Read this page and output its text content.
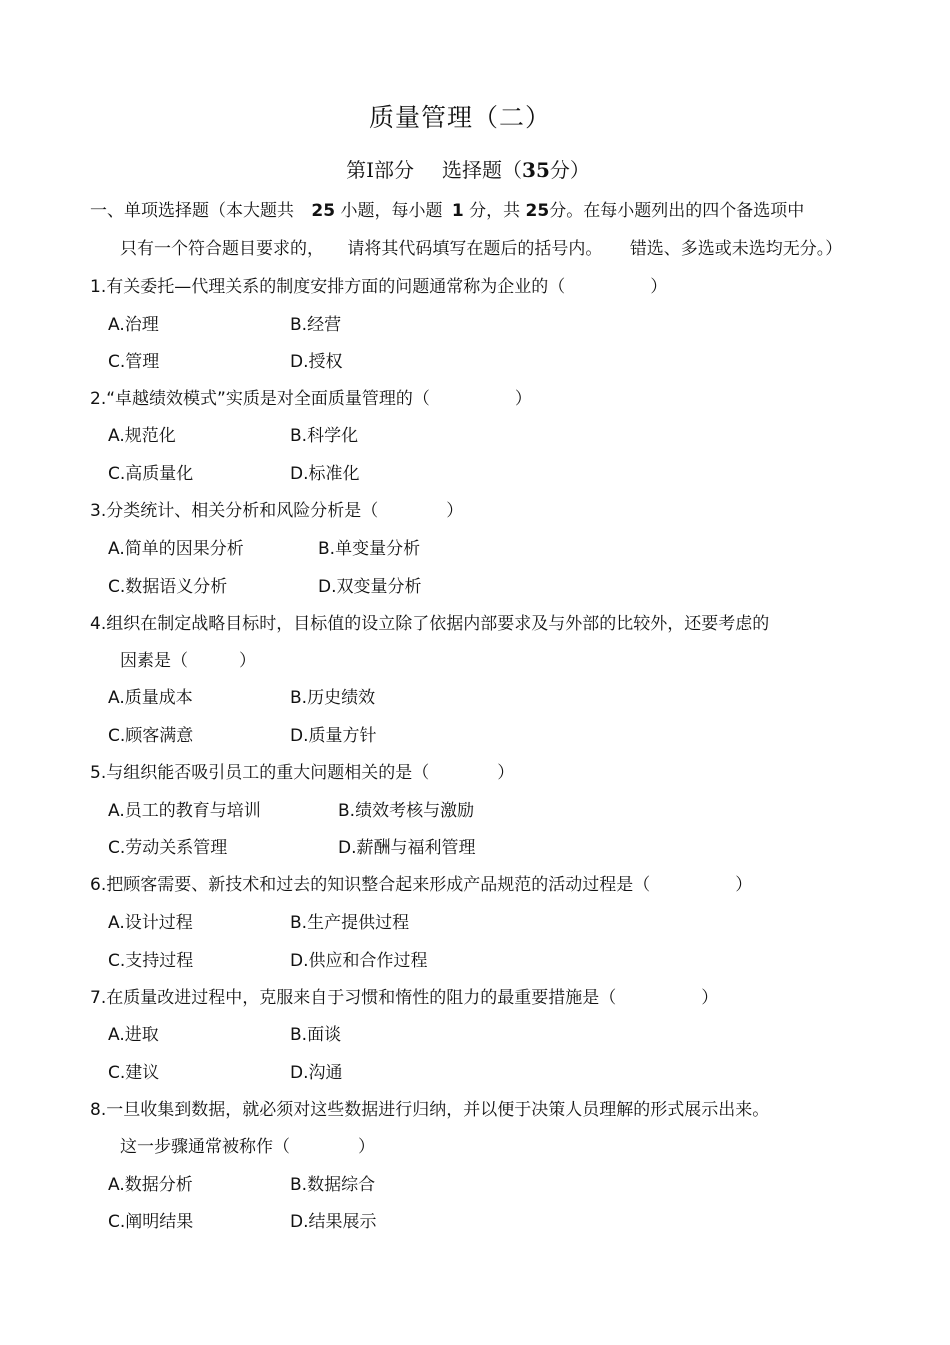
质量管理（二）
第Ⅰ部分 选择题（35分）
一、单项选择题（本大题共 25 小题，每小题 1 分，共 25分。在每小题列出的四个备选项中
只有一个符合题目要求的， 请将其代码填写在题后的括号内。 错选、多选或未选均无分。）
1.有关委托—代理关系的制度安排方面的问题通常称为企业的（　　　　　）
A.治理	B.经营
C.管理	D.授权
2.“卓越绩效模式”实质是对全面质量管理的（　　　　　）
A.规范化	B.科学化
C.高质量化	D.标准化
3.分类统计、相关分析和风险分析是（　　　　）
A.简单的因果分析	B.单变量分析
C.数据语义分析	D.双变量分析
4.组织在制定战略目标时，目标值的设立除了依据内部要求及与外部的比较外，还要考虑的
因素是（　　　）
A.质量成本	B.历史绩效
C.顾客满意	D.质量方针
5.与组织能否吸引员工的重大问题相关的是（　　　　）
A.员工的教育与培训	B.绩效考核与激励
C.劳动关系管理	D.薪酬与福利管理
6.把顾客需要、新技术和过去的知识整合起来形成产品规范的活动过程是（　　　　　）
A.设计过程	B.生产提供过程
C.支持过程	D.供应和合作过程
7.在质量改进过程中，克服来自于习惯和惰性的阻力的最重要措施是（　　　　　）
A.进取	B.面谈
C.建议	D.沟通
8.一旦收集到数据，就必须对这些数据进行归纳，并以便于决策人员理解的形式展示出来。
这一步骤通常被称作（　　　　）
A.数据分析	B.数据综合
C.阐明结果	D.结果展示
